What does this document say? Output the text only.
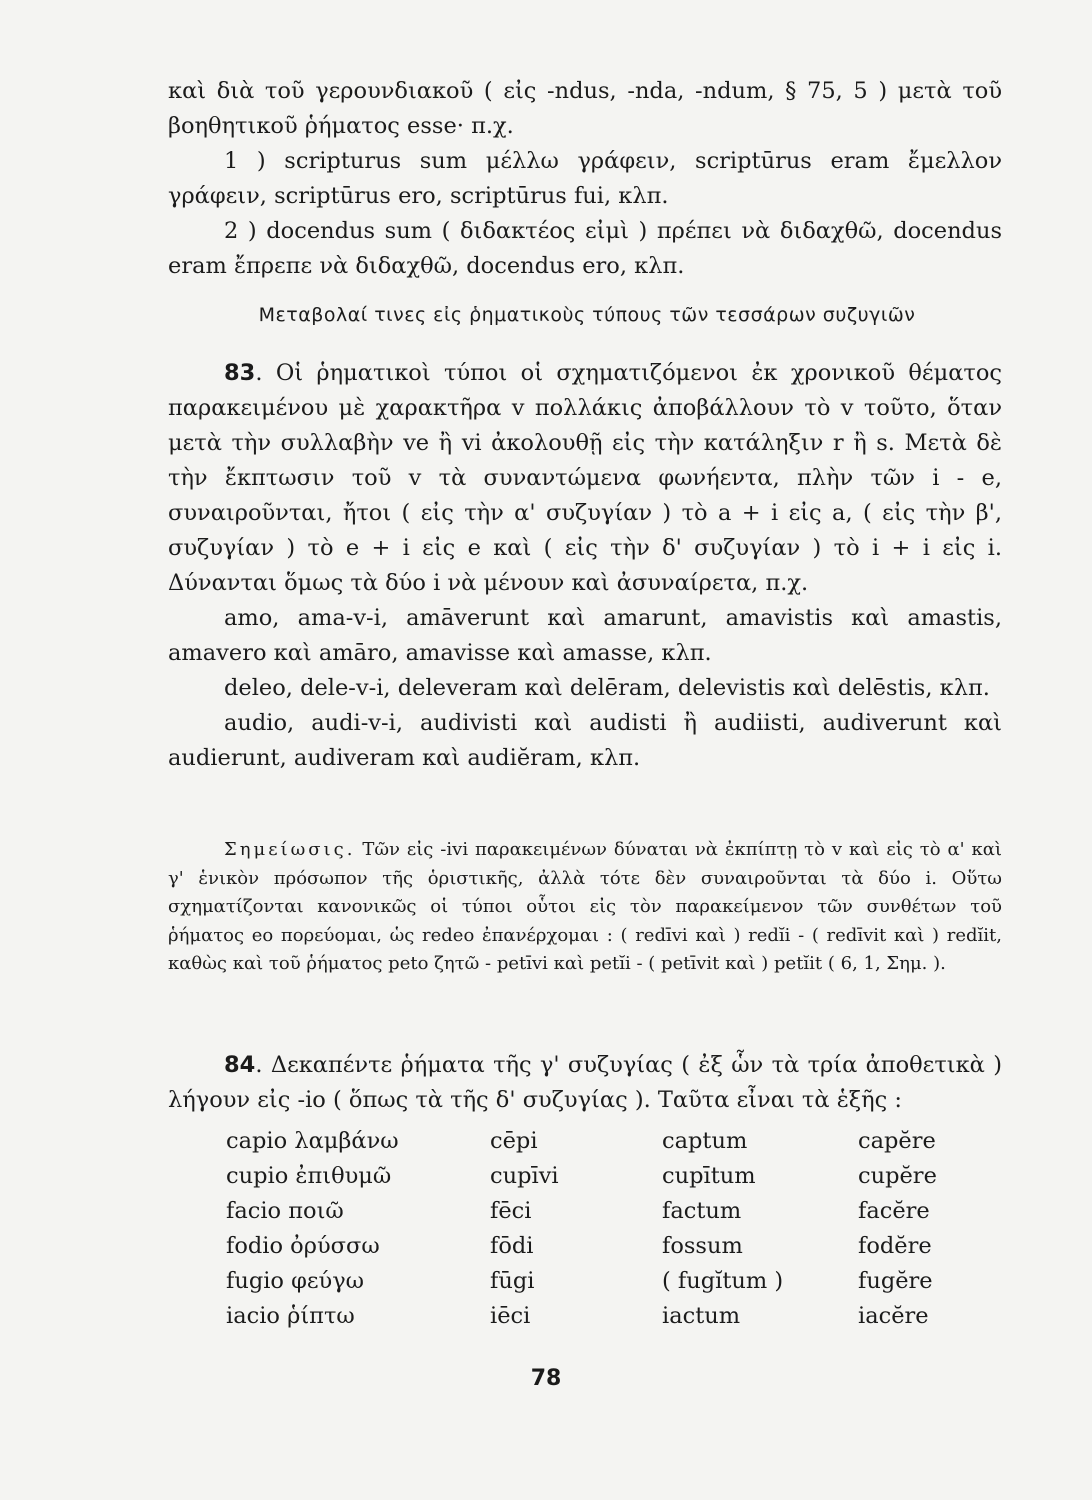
καὶ διὰ τοῦ γερουνδιακοῦ ( εἰς -ndus, -nda, -ndum, § 75, 5 ) μετὰ τοῦ βοηθητικοῦ ῥήματος esse· π.χ.

1 ) scripturus sum μέλλω γράφειν, scriptūrus eram ἔμελλον γράφειν, scriptūrus ero, scriptūrus fui, κλπ.

2 ) docendus sum ( διδακτέος εἰμὶ ) πρέπει νὰ διδαχθῶ, docendus eram ἔπρεπε νὰ διδαχθῶ, docendus ero, κλπ.

Μεταβολαί τινες εἰς ῥηματικοὺς τύπους τῶν τεσσάρων συζυγιῶν

83. Οἱ ῥηματικοὶ τύποι οἱ σχηματιζόμενοι ἐκ χρονικοῦ θέματος παρακειμένου μὲ χαρακτῆρα v πολλάκις ἀποβάλλουν τὸ v τοῦτο, ὅταν μετὰ τὴν συλλαβὴν ve ἢ vi ἀκολουθῇ εἰς τὴν κατάληξιν r ἢ s. Μετὰ δὲ τὴν ἔκπτωσιν τοῦ v τὰ συναντώμενα φωνήεντα, πλὴν τῶν i - e, συναιροῦνται, ἤτοι ( εἰς τὴν α' συζυγίαν ) τὸ a + i εἰς a, ( εἰς τὴν β', συζυγίαν ) τὸ e + i εἰς e καὶ ( εἰς τὴν δ' συζυγίαν ) τὸ i + i εἰς i. Δύνανται ὅμως τὰ δύο i νὰ μένουν καὶ ἀσυναίρετα, π.χ.

amo, ama-v-i, amāverunt καὶ amarunt, amavistis καὶ amastis, amavero καὶ amāro, amavisse καὶ amasse, κλπ.

deleo, dele-v-i, deleveram καὶ delēram, delevistis καὶ delēstis, κλπ.

audio, audi-v-i, audivisti καὶ audisti ἢ audiisti, audiverunt καὶ audierunt, audiveram καὶ audiĕram, κλπ.

Σημείωσις. Τῶν εἰς -ivi παρακειμένων δύναται νὰ ἐκπίπτῃ τὸ v καὶ εἰς τὸ α' καὶ γ' ἑνικὸν πρόσωπον τῆς ὁριστικῆς, ἀλλὰ τότε δὲν συναιροῦνται τὰ δύο i. Οὕτω σχηματίζονται κανονικῶς οἱ τύποι οὗτοι εἰς τὸν παρακείμενον τῶν συνθέτων τοῦ ῥήματος eo πορεύομαι, ὡς redeo ἐπανέρχομαι : ( redīvi καὶ ) redĭi - ( redīvit καὶ ) redĭit, καθὼς καὶ τοῦ ῥήματος peto ζητῶ - petīvi καὶ petĭi - ( petīvit καὶ ) petĭit ( 6, 1, Σημ. ).

84. Δεκαπέντε ῥήματα τῆς γ' συζυγίας ( ἐξ ὧν τὰ τρία ἀποθετικὰ ) λήγουν εἰς -io ( ὅπως τὰ τῆς δ' συζυγίας ). Ταῦτα εἶναι τὰ ἑξῆς :

capio λαμβάνω	cēpi	captum	capĕre
cupio ἐπιθυμῶ	cupīvi	cupītum	cupĕre
facio ποιῶ	fēci	factum	facĕre
fodio ὀρύσσω	fōdi	fossum	fodĕre
fugio φεύγω	fūgi	( fugĭtum )	fugĕre
iacio ῥίπτω	iēci	iactum	iacĕre
78
